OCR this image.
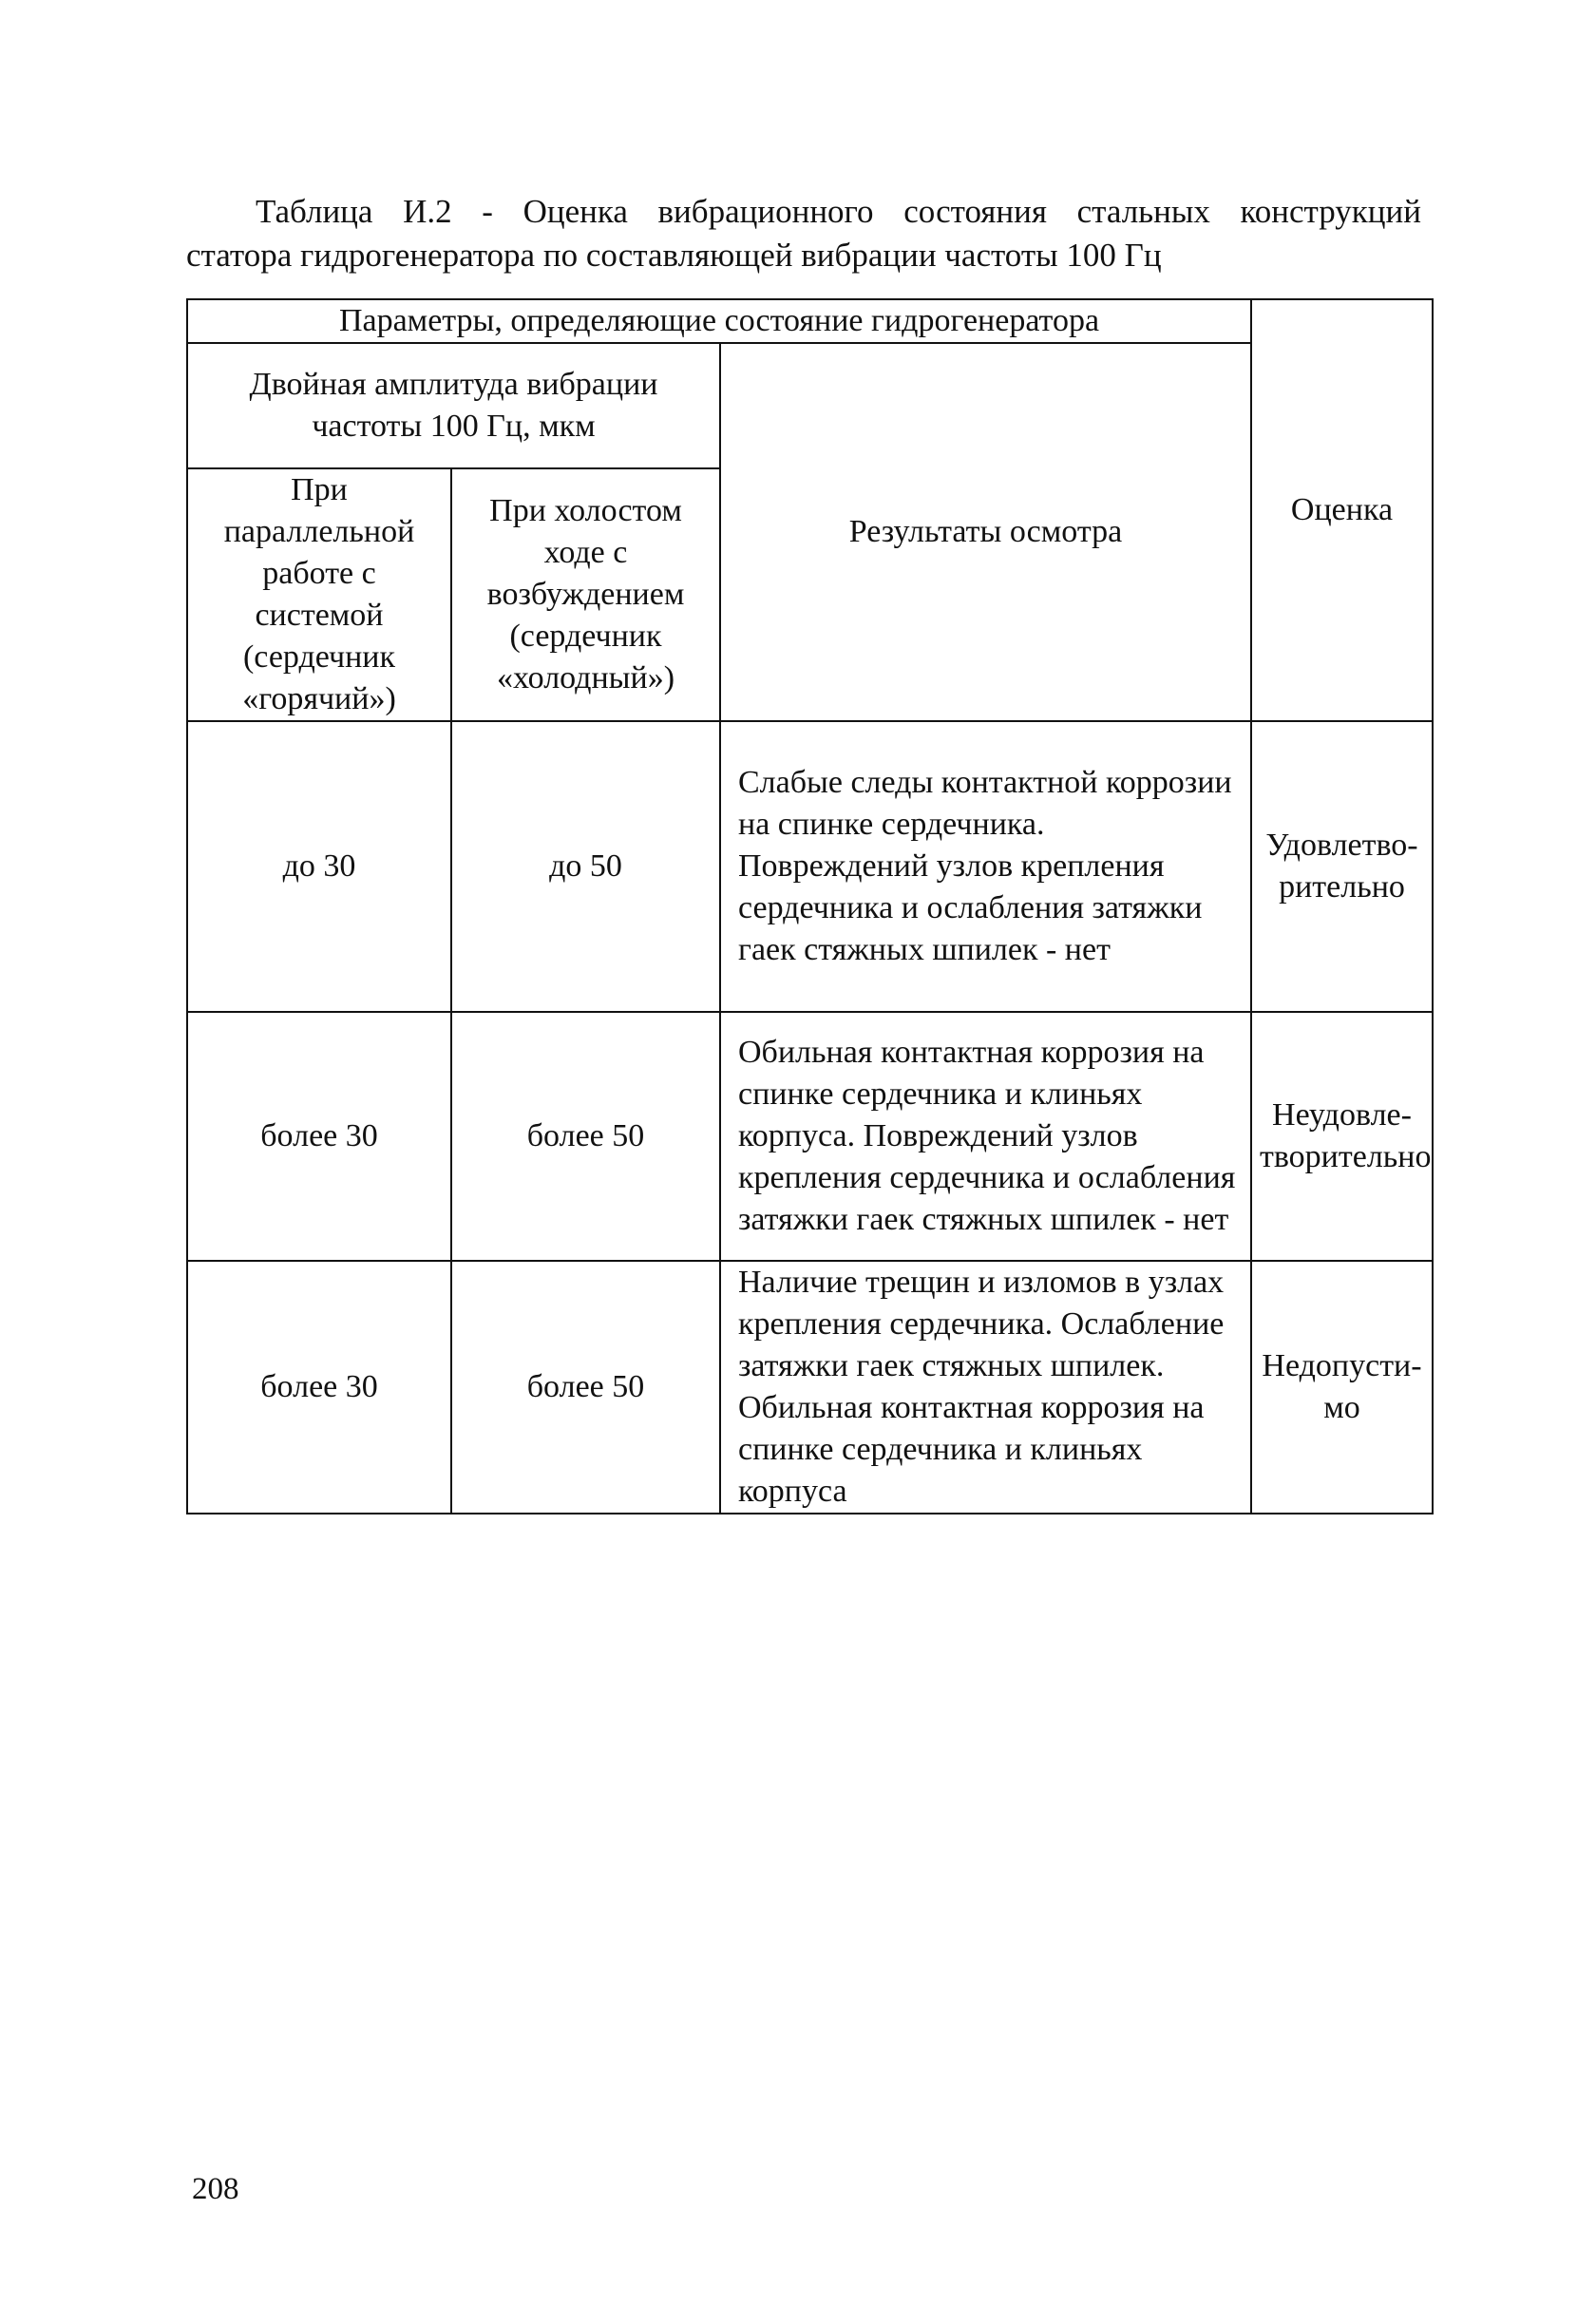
Таблица И.2 - Оценка вибрационного состояния стальных конструкций
статора гидрогенератора по составляющей вибрации частоты 100 Гц
Параметры, определяющие состояние гидрогенератора			Оценка
Двойная амплитуда вибрации частоты 100 Гц, мкм		Результаты осмотра	
При параллельной работе с системой (сердечник «горячий»)	При холостом ходе с возбуждением (сердечник «холодный»)		
до 30	до 50	Слабые следы контактной коррозии на спинке сердечника. Повреждений узлов крепления сердечника и ослабления затяжки гаек стяжных шпилек - нет	Удовлетво-рительно
более 30	более 50	Обильная контактная коррозия на спинке сердечника и клиньях корпуса. Повреждений узлов крепления сердечника и ослабления затяжки гаек стяжных шпилек - нет	Неудовле-творительно
более 30	более 50	Наличие трещин и изломов в узлах крепления сердечника. Ослабление затяжки гаек стяжных шпилек. Обильная контактная коррозия на спинке сердечника и клиньях корпуса	Недопусти-мо
208
